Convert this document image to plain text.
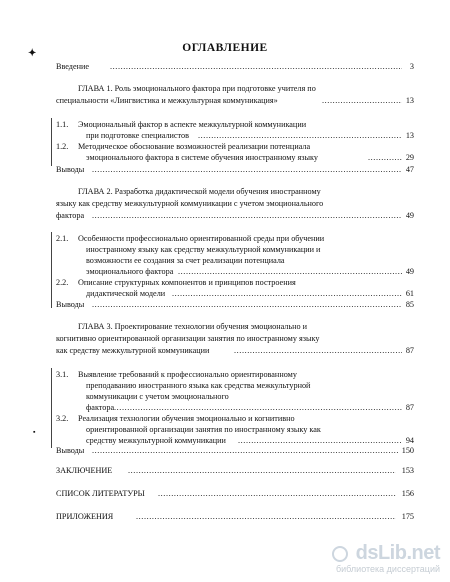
✦
▪
ОГЛАВЛЕНИЕ
Введение .....	3
ГЛАВА 1. Роль эмоционального фактора при подготовке учителя по
специальности «Лингвистика и межкультурная коммуникация» .....	13
1.1. Эмоциональный фактор в аспекте межкультурной коммуникации
при подготовке специалистов .....	13
1.2. Методическое обоснование возможностей реализации потенциала
эмоционального фактора в системе обучения иностранному языку .....	29
Выводы .....	47
ГЛАВА 2. Разработка дидактической модели обучения иностранному
языку как средству межкультурной коммуникации с учетом эмоционального
фактора .....	49
2.1. Особенности профессионально ориентированной среды при обучении
иностранному языку как средству межкультурной коммуникации и
возможности ее создания за счет реализации потенциала
эмоционального фактора .....	49
2.2. Описание структурных компонентов и принципов построения
дидактической модели .....	61
Выводы .....	85
ГЛАВА 3. Проектирование технологии обучения эмоционально и
когнитивно ориентированной организации занятия по иностранному языку
как средству межкультурной коммуникации .....	87
3.1. Выявление требований к профессионально ориентированному
преподаванию иностранного языка как средства межкультурной
коммуникации с учетом эмоционального
фактора .....	87
3.2. Реализация технологии обучения эмоционально и когнитивно
ориентированной организации занятия по иностранному языку как
средству межкультурной коммуникации .....	94
Выводы .....	150
ЗАКЛЮЧЕНИЕ .....	153
СПИСОК ЛИТЕРАТУРЫ .....	156
ПРИЛОЖЕНИЯ .....	175
dsLib.net
библиотека диссертаций
